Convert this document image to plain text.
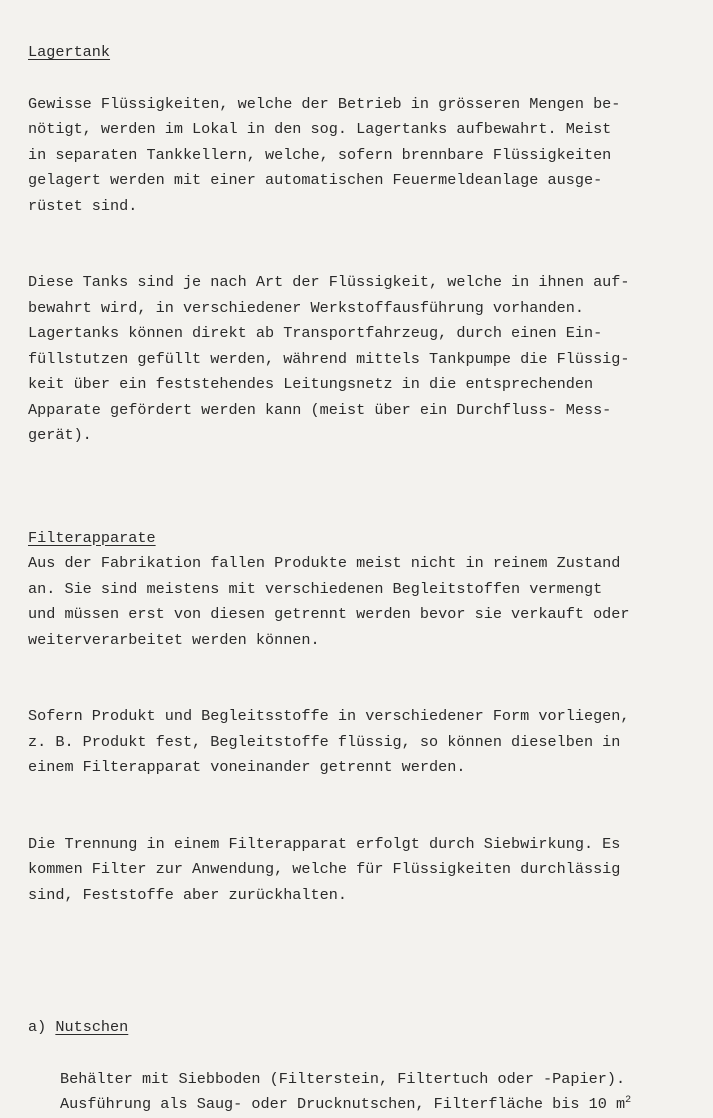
Lagertank
Gewisse Flüssigkeiten, welche der Betrieb in grösseren Mengen be-
nötigt, werden im Lokal in den sog. Lagertanks aufbewahrt. Meist
in separaten Tankkellern, welche, sofern brennbare Flüssigkeiten
gelagert werden mit einer automatischen Feuermeldeanlage ausge-
rüstet sind.
Diese Tanks sind je nach Art der Flüssigkeit, welche in ihnen auf-
bewahrt wird, in verschiedener Werkstoffausführung vorhanden.
Lagertanks können direkt ab Transportfahrzeug, durch einen Ein-
füllstutzen gefüllt werden, während mittels Tankpumpe die Flüssig-
keit über ein feststehendes Leitungsnetz in die entsprechenden
Apparate gefördert werden kann (meist über ein Durchfluss- Mess-
gerät).
Filterapparate
Aus der Fabrikation fallen Produkte meist nicht in reinem Zustand
an. Sie sind meistens mit verschiedenen Begleitstoffen vermengt
und müssen erst von diesen getrennt werden bevor sie verkauft oder
weiterverarbeitet werden können.
Sofern Produkt und Begleitsstoffe in verschiedener Form vorliegen,
z. B. Produkt fest, Begleitstoffe flüssig, so können dieselben in
einem Filterapparat voneinander getrennt werden.
Die Trennung in einem Filterapparat erfolgt durch Siebwirkung. Es
kommen Filter zur Anwendung, welche für Flüssigkeiten durchlässig
sind, Feststoffe aber zurückhalten.
a) Nutschen
Behälter mit Siebboden (Filterstein, Filtertuch oder -Papier).
Ausführung als Saug- oder Drucknutschen, Filterfläche bis 10 $m^2$
